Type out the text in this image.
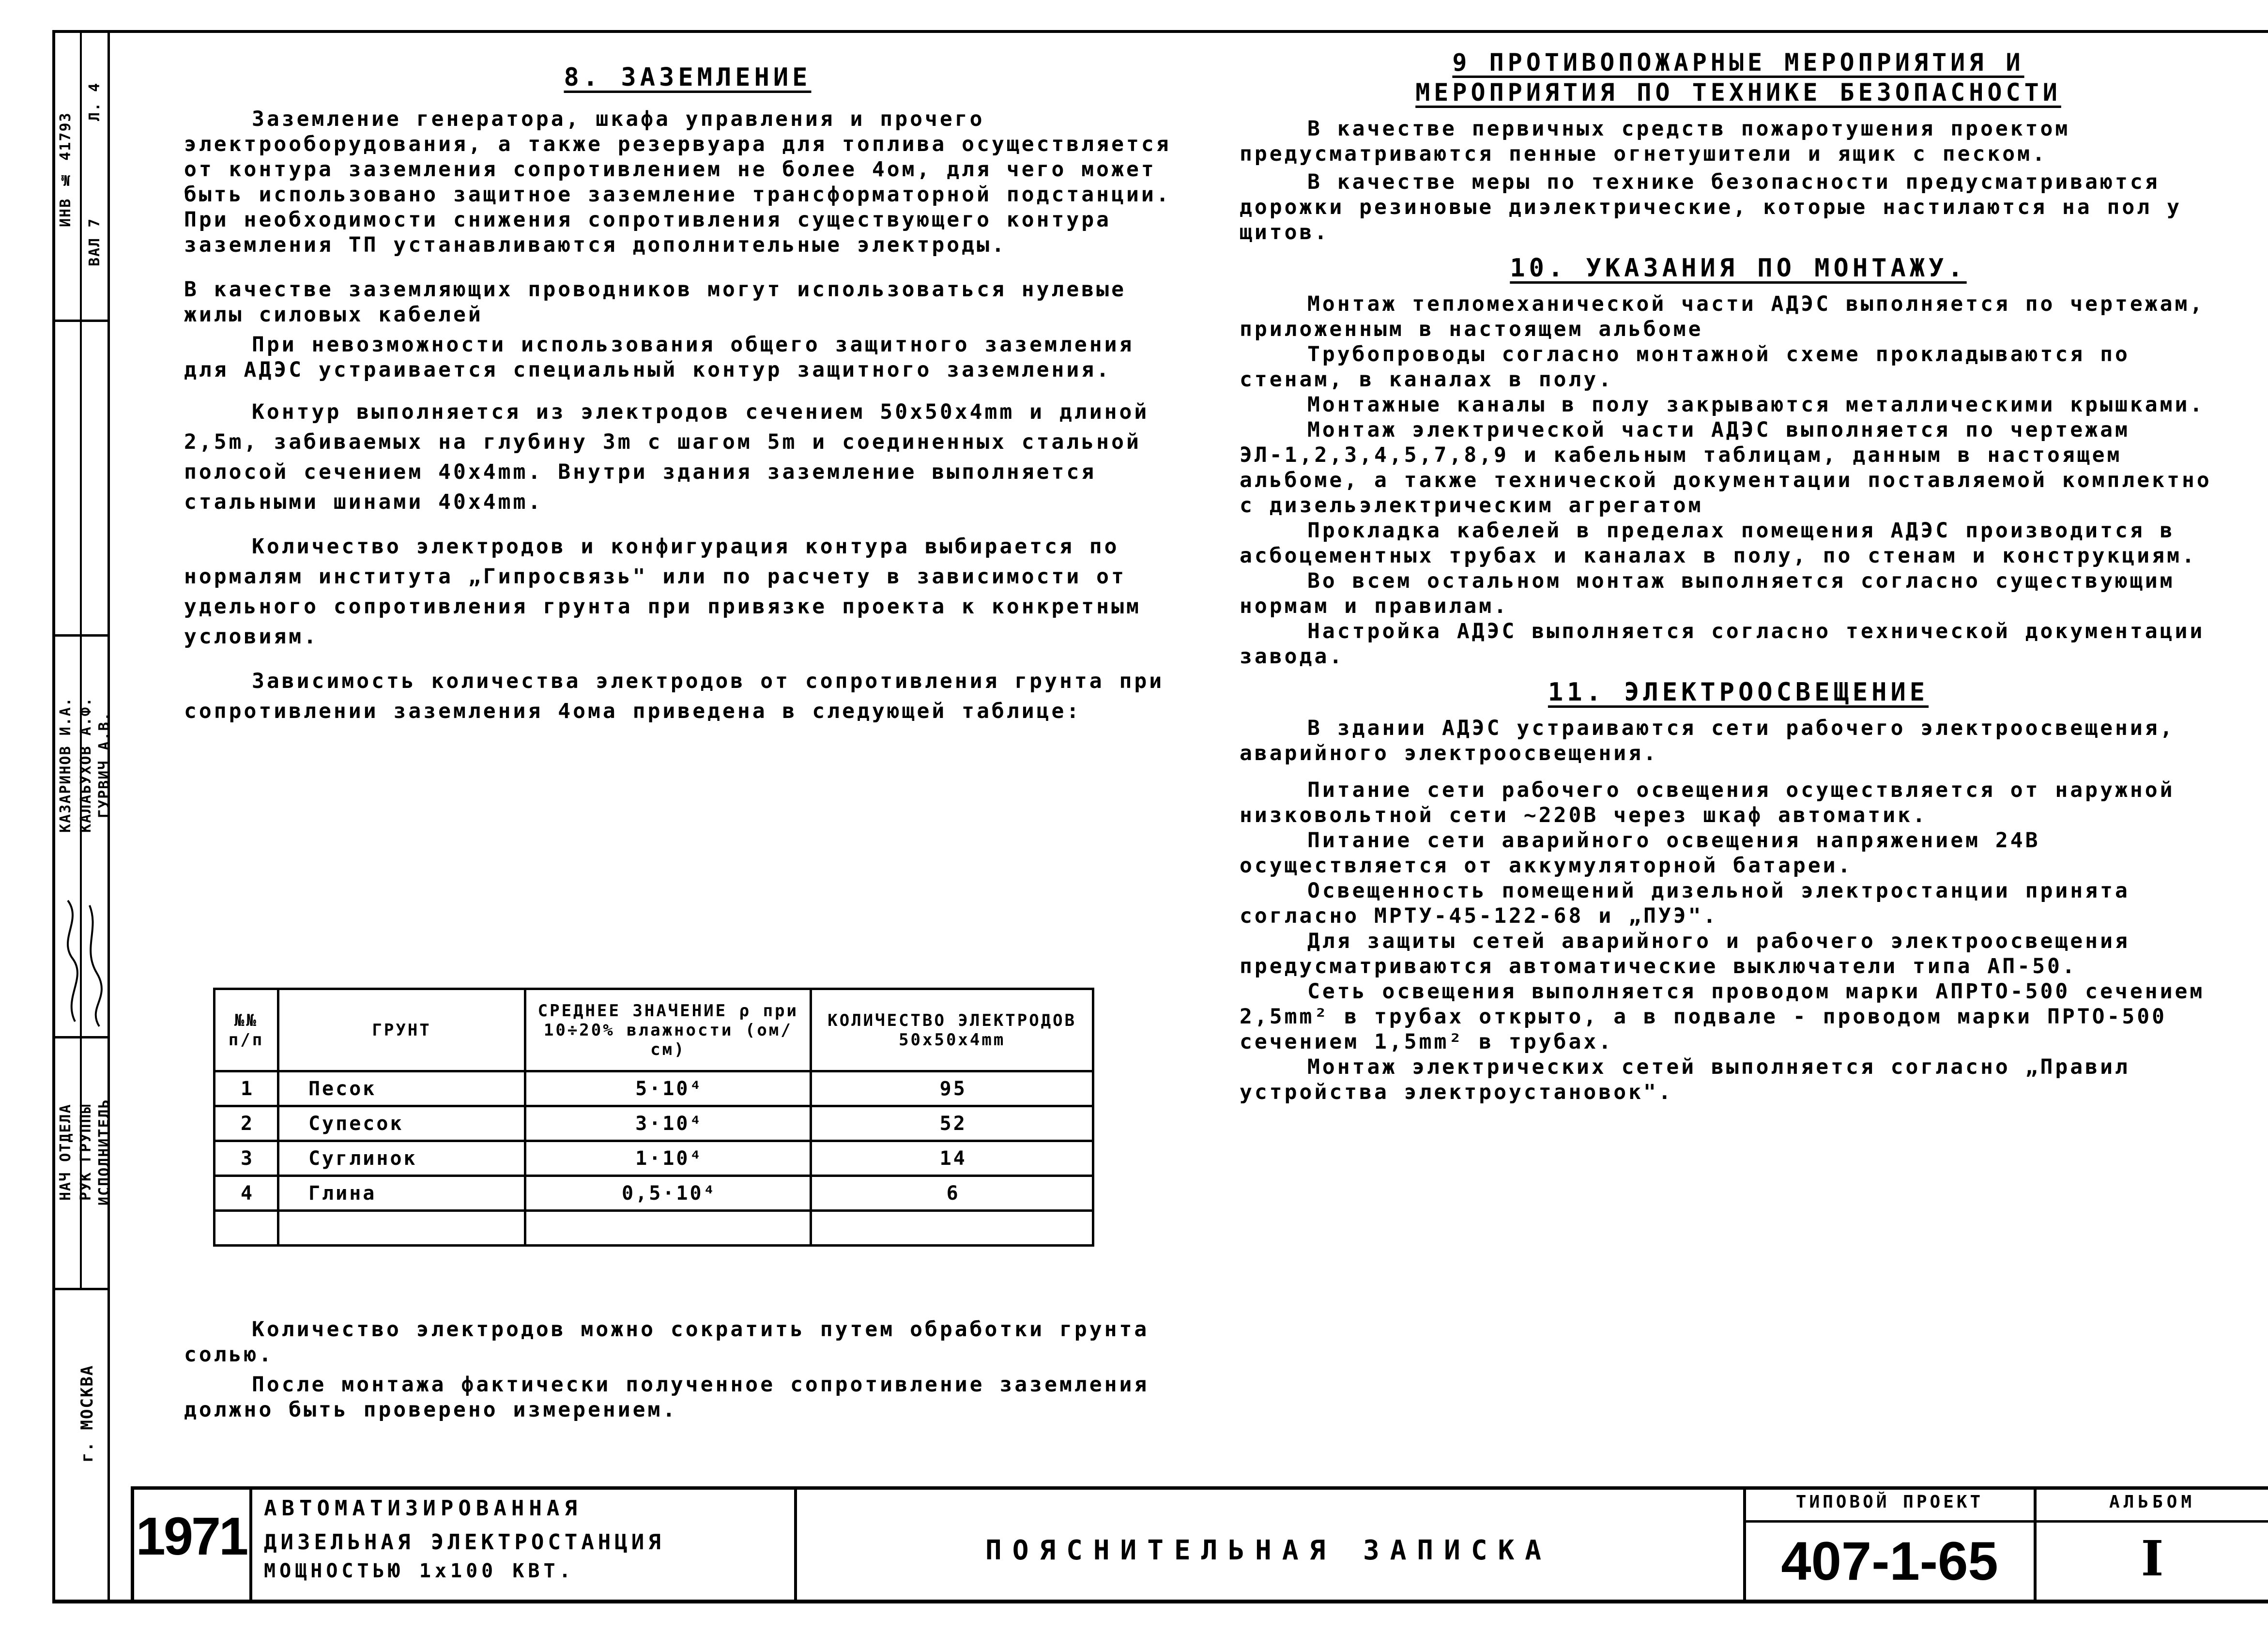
ИНВ № 41793
Л. 4
ВАЛ 7
КАЗАРИНОВ И.А. КАЛАБУХОВ А.Ф. ГУРВИЧ А.В.
НАЧ ОТДЕЛА РУК ГРУППЫ ИСПОЛНИТЕЛЬ
г. МОСКВА
8. ЗАЗЕМЛЕНИЕ

Заземление генератора, шкафа управления и прочего электрооборудования, а также резервуара для топлива осуществляется от контура заземления сопротивлением не более 4ом, для чего может быть использовано защитное заземление трансформаторной подстанции. При необходимости снижения сопротивления существующего контура заземления ТП устанавливаются дополнительные электроды.

В качестве заземляющих проводников могут использоваться нулевые жилы силовых кабелей

При невозможности использования общего защитного заземления для АДЭС устраивается специальный контур защитного заземления.

Контур выполняется из электродов сечением 50х50х4mm и длиной 2,5m, забиваемых на глубину 3m с шагом 5m и соединенных стальной полосой сечением 40х4mm. Внутри здания заземление выполняется стальными шинами 40х4mm.

Количество электродов и конфигурация контура выбирается по нормалям института „Гипросвязь" или по расчету в зависимости от удельного сопротивления грунта при привязке проекта к конкретным условиям.

Зависимость количества электродов от сопротивления грунта при сопротивлении заземления 4ома приведена в следующей таблице:

№№ п/п	ГРУНТ	СРЕДНЕЕ ЗНАЧЕНИЕ ρ при 10÷20% влажности (ом/см)	КОЛИЧЕСТВО ЭЛЕКТРОДОВ 50х50х4mm
1	Песок	5·10⁴	95
2	Супесок	3·10⁴	52
3	Суглинок	1·10⁴	14
4	Глина	0,5·10⁴	6

Количество электродов можно сократить путем обработки грунта солью.

После монтажа фактически полученное сопротивление заземления должно быть проверено измерением.

9 ПРОТИВОПОЖАРНЫЕ МЕРОПРИЯТИЯ И
МЕРОПРИЯТИЯ ПО ТЕХНИКЕ БЕЗОПАСНОСТИ

В качестве первичных средств пожаротушения проектом предусматриваются пенные огнетушители и ящик с песком.

В качестве меры по технике безопасности предусматриваются дорожки резиновые диэлектрические, которые настилаются на пол у щитов.

10. УКАЗАНИЯ ПО МОНТАЖУ.

Монтаж тепломеханической части АДЭС выполняется по чертежам, приложенным в настоящем альбоме

Трубопроводы согласно монтажной схеме прокладываются по стенам, в каналах в полу.

Монтажные каналы в полу закрываются металлическими крышками.

Монтаж электрической части АДЭС выполняется по чертежам ЭЛ-1,2,3,4,5,7,8,9 и кабельным таблицам, данным в настоящем альбоме, а также технической документации поставляемой комплектно с дизельэлектрическим агрегатом

Прокладка кабелей в пределах помещения АДЭС производится в асбоцементных трубах и каналах в полу, по стенам и конструкциям.

Во всем остальном монтаж выполняется согласно существующим нормам и правилам.

Настройка АДЭС выполняется согласно технической документации завода.

11. ЭЛЕКТРООСВЕЩЕНИЕ

В здании АДЭС устраиваются сети рабочего электроосвещения, аварийного электроосвещения.

Питание сети рабочего освещения осуществляется от наружной низковольтной сети ~220В через шкаф автоматик.

Питание сети аварийного освещения напряжением 24В осуществляется от аккумуляторной батареи.

Освещенность помещений дизельной электростанции принята согласно МРТУ-45-122-68 и „ПУЭ".

Для защиты сетей аварийного и рабочего электроосвещения предусматриваются автоматические выключатели типа АП-50.

Сеть освещения выполняется проводом марки АПРТО-500 сечением 2,5mm² в трубах открыто, а в подвале - проводом марки ПРТО-500 сечением 1,5mm² в трубах.

Монтаж электрических сетей выполняется согласно „Правил устройства электроустановок".

1971 АВТОМАТИЗИРОВАННАЯ
ДИЗЕЛЬНАЯ ЭЛЕКТРОСТАНЦИЯ
МОЩНОСТЬЮ 1х100 КВТ.
ПОЯСНИТЕЛЬНАЯ ЗАПИСКА
ТИПОВОЙ ПРОЕКТ
407-1-65
АЛЬБОМ
I
